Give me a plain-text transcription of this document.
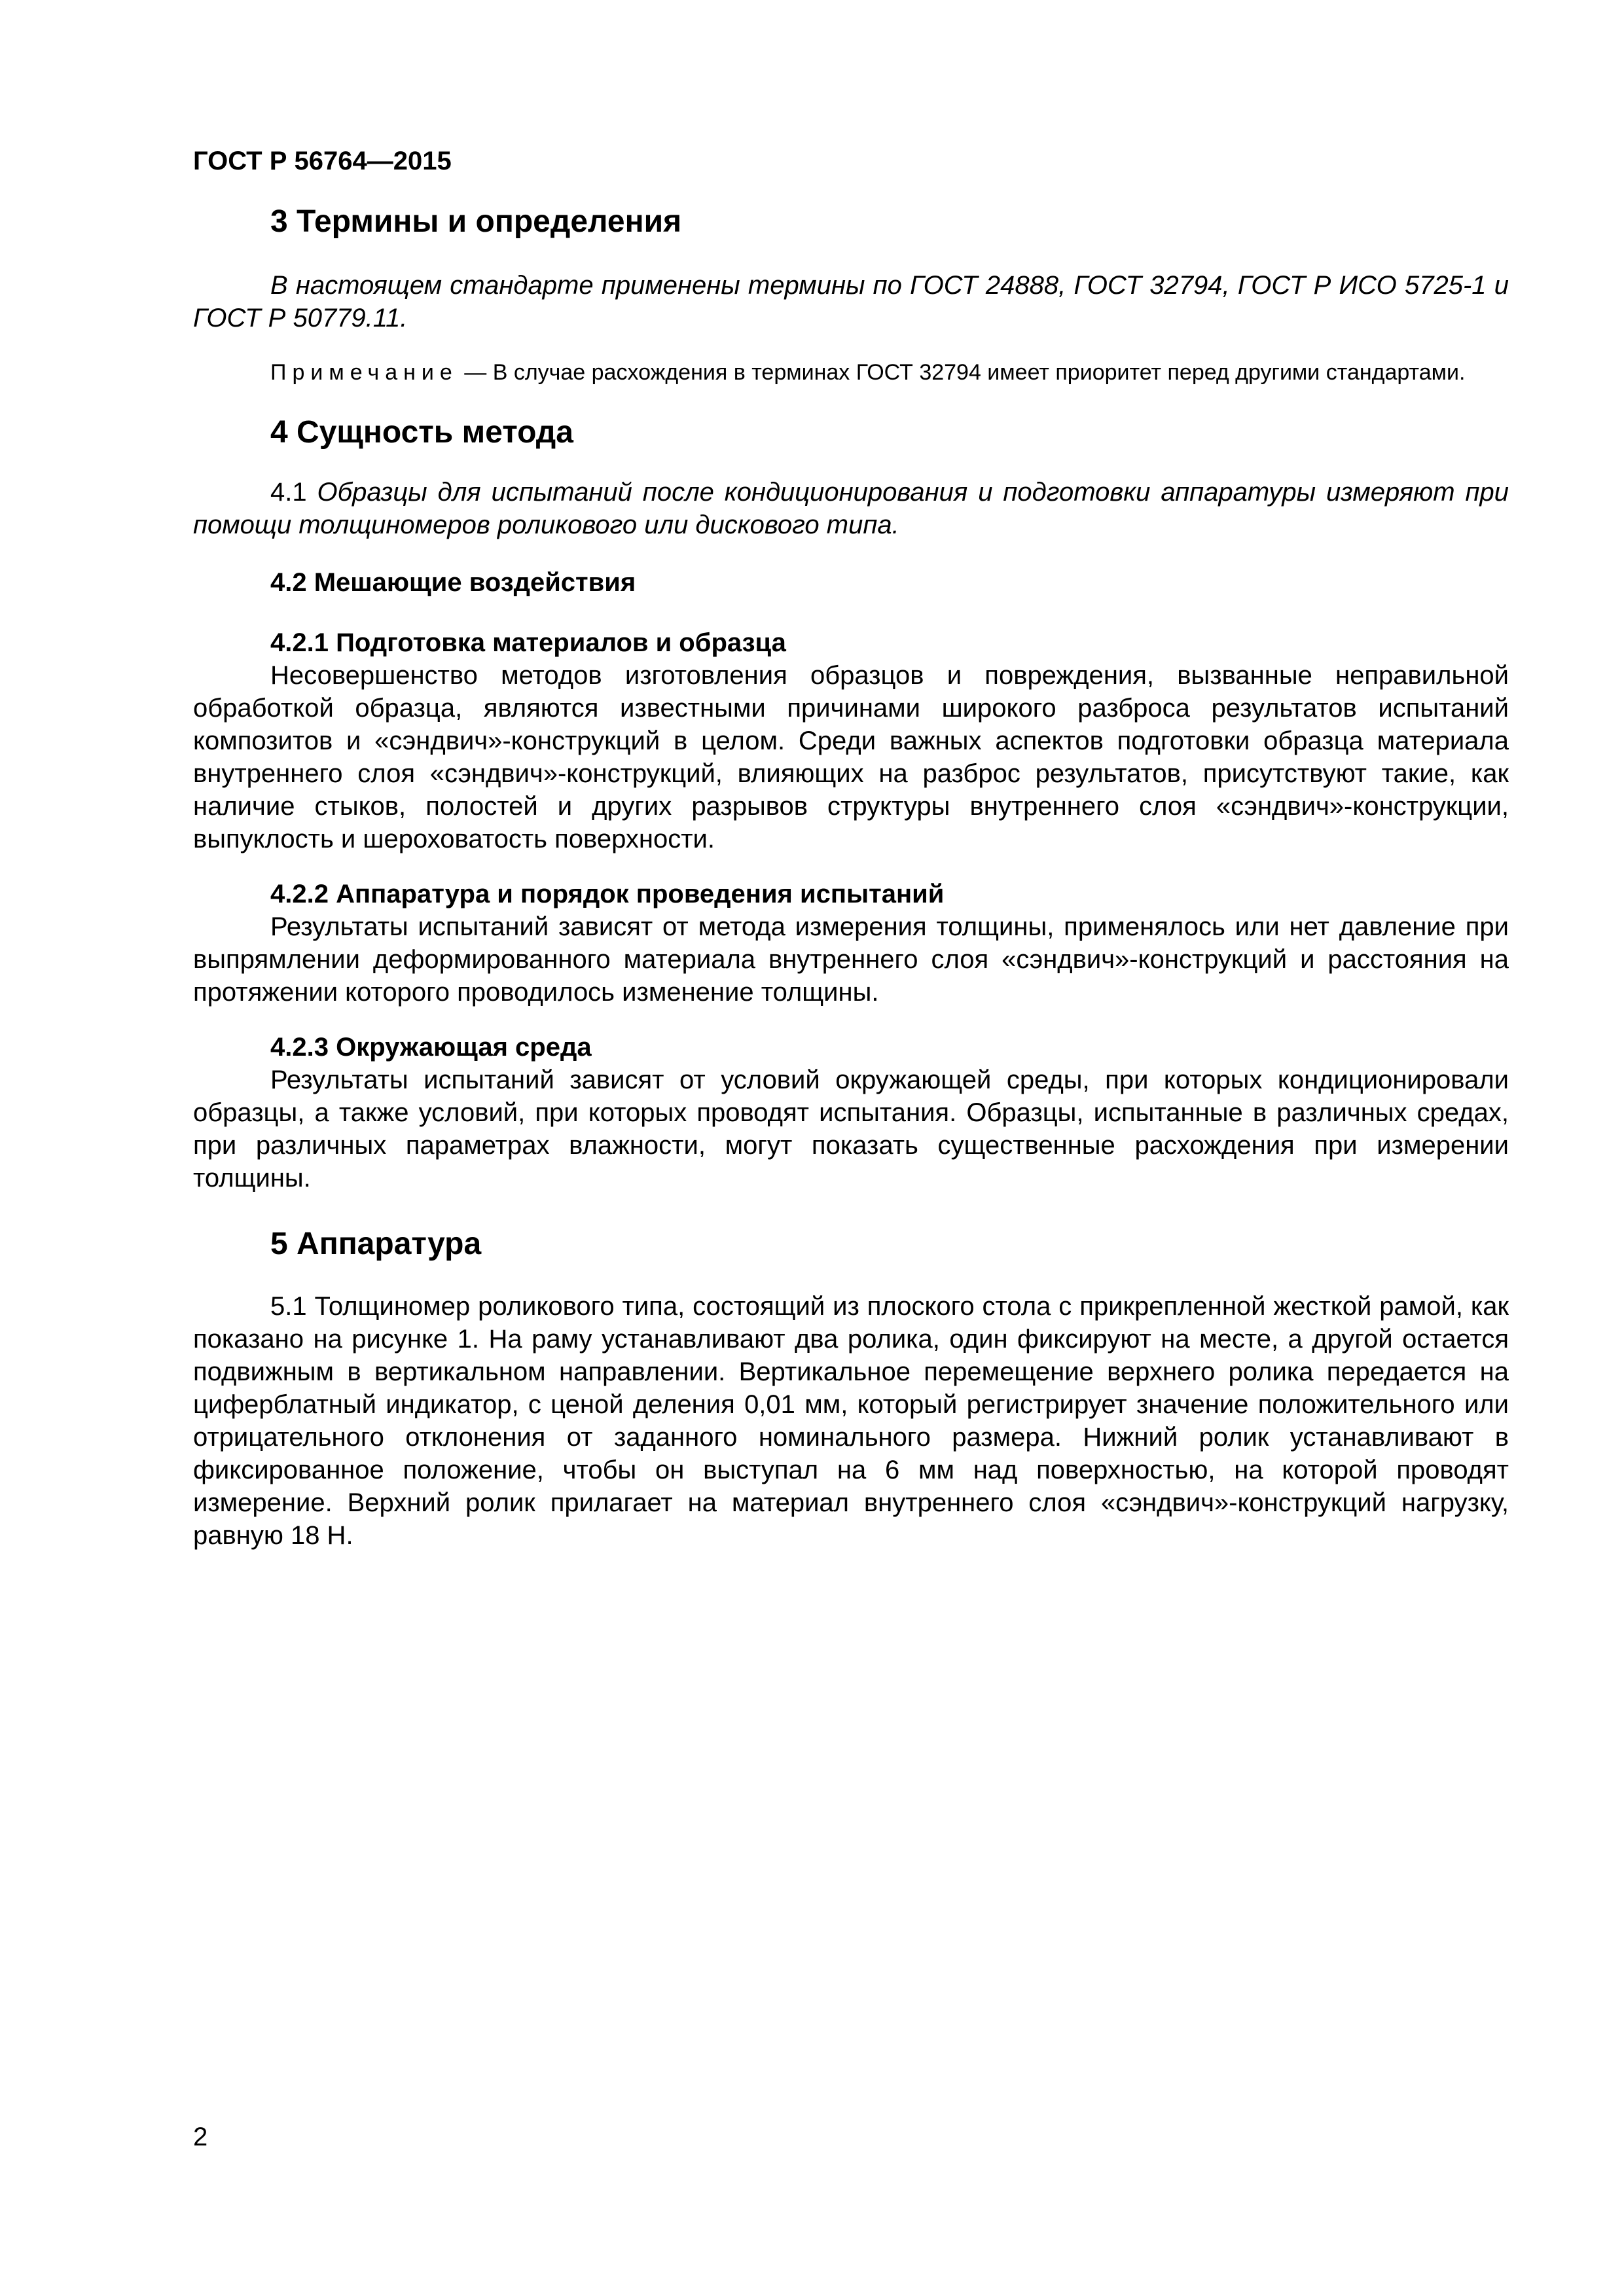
ГОСТ Р 56764—2015

3 Термины и определения

В настоящем стандарте применены термины по ГОСТ 24888, ГОСТ 32794, ГОСТ Р ИСО 5725-1 и ГОСТ Р 50779.11.

Примечание — В случае расхождения в терминах ГОСТ 32794 имеет приоритет перед другими стандартами.

4 Сущность метода

4.1 Образцы для испытаний после кондиционирования и подготовки аппаратуры измеряют при помощи толщиномеров роликового или дискового типа.

4.2 Мешающие воздействия
4.2.1 Подготовка материалов и образца

Несовершенство методов изготовления образцов и повреждения, вызванные неправильной обработкой образца, являются известными причинами широкого разброса результатов испытаний композитов и «сэндвич»-конструкций в целом. Среди важных аспектов подготовки образца материала внутреннего слоя «сэндвич»-конструкций, влияющих на разброс результатов, присутствуют такие, как наличие стыков, полостей и других разрывов структуры внутреннего слоя «сэндвич»-конструкции, выпуклость и шероховатость поверхности.

4.2.2 Аппаратура и порядок проведения испытаний

Результаты испытаний зависят от метода измерения толщины, применялось или нет давление при выпрямлении деформированного материала внутреннего слоя «сэндвич»-конструкций и расстояния на протяжении которого проводилось изменение толщины.

4.2.3 Окружающая среда

Результаты испытаний зависят от условий окружающей среды, при которых кондиционировали образцы, а также условий, при которых проводят испытания. Образцы, испытанные в различных средах, при различных параметрах влажности, могут показать существенные расхождения при измерении толщины.

5 Аппаратура

5.1 Толщиномер роликового типа, состоящий из плоского стола с прикрепленной жесткой рамой, как показано на рисунке 1. На раму устанавливают два ролика, один фиксируют на месте, а другой остается подвижным в вертикальном направлении. Вертикальное перемещение верхнего ролика передается на циферблатный индикатор, с ценой деления 0,01 мм, который регистрирует значение положительного или отрицательного отклонения от заданного номинального размера. Нижний ролик устанавливают в фиксированное положение, чтобы он выступал на 6 мм над поверхностью, на которой проводят измерение. Верхний ролик прилагает на материал внутреннего слоя «сэндвич»-конструкций нагрузку, равную 18 Н.

2
